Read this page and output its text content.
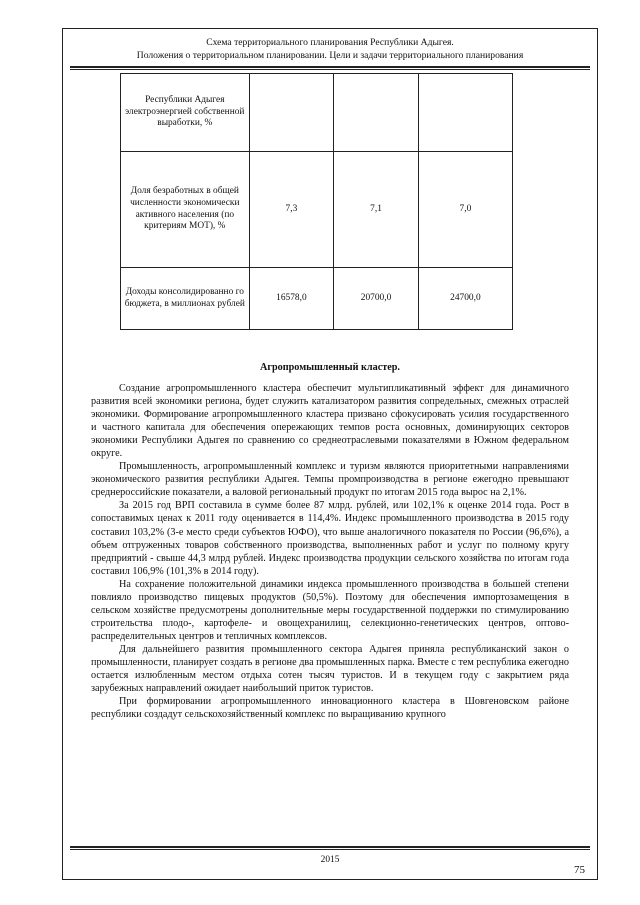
Схема территориального планирования Республики Адыгея.
Положения о территориальном планировании. Цели и задачи территориального планирования
Республики Адыгея электроэнергией собственной выработки, %			
Доля безработных в общей численности экономически активного населения (по критериям МОТ), %	7,3	7,1	7,0
Доходы консолидированно го бюджета, в миллионах рублей	16578,0	20700,0	24700,0
Агропромышленный кластер.

Создание агропромышленного кластера обеспечит мультипликативный эффект для динамичного развития всей экономики региона, будет служить катализатором развития сопредельных, смежных отраслей экономики. Формирование агропромышленного кластера призвано сфокусировать усилия государственного и частного капитала для обеспечения опережающих темпов роста основных, доминирующих секторов экономики Республики Адыгея по сравнению со среднеотраслевыми показателями в Южном федеральном округе.

Промышленность, агропромышленный комплекс и туризм являются приоритетными направлениями экономического развития республики Адыгея. Темпы промпроизводства в регионе ежегодно превышают среднероссийские показатели, а валовой региональный продукт по итогам 2015 года вырос на 2,1%.

За 2015 год ВРП составила в сумме более 87 млрд. рублей, или 102,1% к оценке 2014 года. Рост в сопоставимых ценах к 2011 году оценивается в 114,4%. Индекс промышленного производства в 2015 году составил 103,2% (3-е место среди субъектов ЮФО), что выше аналогичного показателя по России (96,6%), а объем отгруженных товаров собственного производства, выполненных работ и услуг по полному кругу предприятий - свыше 44,3 млрд рублей. Индекс производства продукции сельского хозяйства по итогам года составил 106,9% (101,3% в 2014 году).

На сохранение положительной динамики индекса промышленного производства в большей степени повлияло производство пищевых продуктов (50,5%). Поэтому для обеспечения импортозамещения в сельском хозяйстве предусмотрены дополнительные меры государственной поддержки по стимулированию строительства плодо-, картофеле- и овощехранилищ, селекционно-генетических центров, оптово-распределительных центров и тепличных комплексов.

Для дальнейшего развития промышленного сектора Адыгея приняла республиканский закон о промышленности, планирует создать в регионе два промышленных парка. Вместе с тем республика ежегодно остается излюбленным местом отдыха сотен тысяч туристов. И в текущем году с закрытием ряда зарубежных направлений ожидает наибольший приток туристов.

При формировании агропромышленного инновационного кластера в Шовгеновском районе республики создадут сельскохозяйственный комплекс по выращиванию крупного

2015
75
